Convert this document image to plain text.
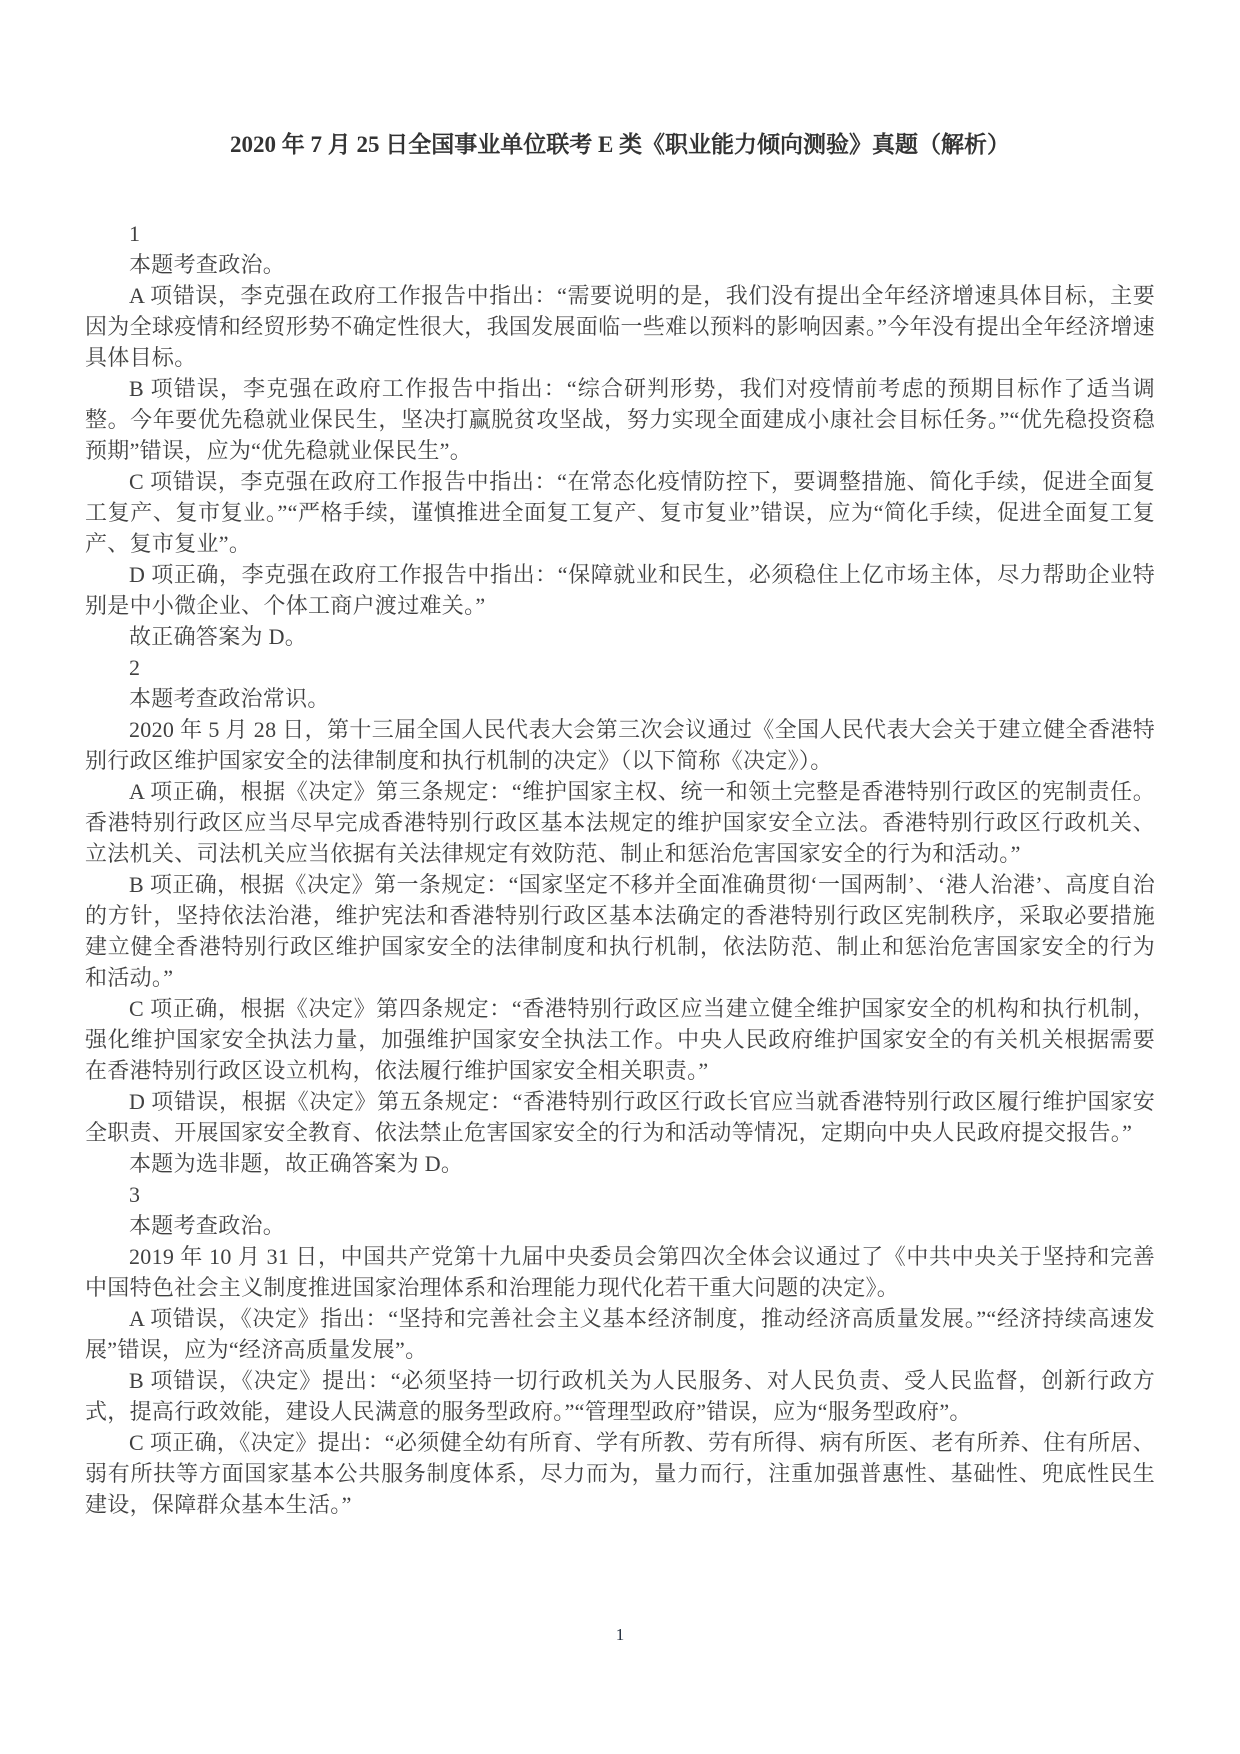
2020 年 7 月 25 日全国事业单位联考 E 类《职业能力倾向测验》真题（解析）

1

本题考查政治。

A 项错误，李克强在政府工作报告中指出：“需要说明的是，我们没有提出全年经济增速具体目标，主要因为全球疫情和经贸形势不确定性很大，我国发展面临一些难以预料的影响因素。”今年没有提出全年经济增速具体目标。

B 项错误，李克强在政府工作报告中指出：“综合研判形势，我们对疫情前考虑的预期目标作了适当调整。今年要优先稳就业保民生，坚决打赢脱贫攻坚战，努力实现全面建成小康社会目标任务。”“优先稳投资稳预期”错误，应为“优先稳就业保民生”。

C 项错误，李克强在政府工作报告中指出：“在常态化疫情防控下，要调整措施、简化手续，促进全面复工复产、复市复业。”“严格手续，谨慎推进全面复工复产、复市复业”错误，应为“简化手续，促进全面复工复产、复市复业”。

D 项正确，李克强在政府工作报告中指出：“保障就业和民生，必须稳住上亿市场主体，尽力帮助企业特别是中小微企业、个体工商户渡过难关。”

故正确答案为 D。

2

本题考查政治常识。

2020 年 5 月 28 日，第十三届全国人民代表大会第三次会议通过《全国人民代表大会关于建立健全香港特别行政区维护国家安全的法律制度和执行机制的决定》（以下简称《决定》）。

A 项正确，根据《决定》第三条规定：“维护国家主权、统一和领土完整是香港特别行政区的宪制责任。香港特别行政区应当尽早完成香港特别行政区基本法规定的维护国家安全立法。香港特别行政区行政机关、立法机关、司法机关应当依据有关法律规定有效防范、制止和惩治危害国家安全的行为和活动。”

B 项正确，根据《决定》第一条规定：“国家坚定不移并全面准确贯彻‘一国两制’、‘港人治港’、高度自治的方针，坚持依法治港，维护宪法和香港特别行政区基本法确定的香港特别行政区宪制秩序，采取必要措施建立健全香港特别行政区维护国家安全的法律制度和执行机制，依法防范、制止和惩治危害国家安全的行为和活动。”

C 项正确，根据《决定》第四条规定：“香港特别行政区应当建立健全维护国家安全的机构和执行机制，强化维护国家安全执法力量，加强维护国家安全执法工作。中央人民政府维护国家安全的有关机关根据需要在香港特别行政区设立机构，依法履行维护国家安全相关职责。”

D 项错误，根据《决定》第五条规定：“香港特别行政区行政长官应当就香港特别行政区履行维护国家安全职责、开展国家安全教育、依法禁止危害国家安全的行为和活动等情况，定期向中央人民政府提交报告。”

本题为选非题，故正确答案为 D。

3

本题考查政治。

2019 年 10 月 31 日，中国共产党第十九届中央委员会第四次全体会议通过了《中共中央关于坚持和完善中国特色社会主义制度推进国家治理体系和治理能力现代化若干重大问题的决定》。

A 项错误，《决定》指出：“坚持和完善社会主义基本经济制度，推动经济高质量发展。”“经济持续高速发展”错误，应为“经济高质量发展”。

B 项错误，《决定》提出：“必须坚持一切行政机关为人民服务、对人民负责、受人民监督，创新行政方式，提高行政效能，建设人民满意的服务型政府。”“管理型政府”错误，应为“服务型政府”。

C 项正确，《决定》提出：“必须健全幼有所育、学有所教、劳有所得、病有所医、老有所养、住有所居、弱有所扶等方面国家基本公共服务制度体系，尽力而为，量力而行，注重加强普惠性、基础性、兜底性民生建设，保障群众基本生活。”

1
